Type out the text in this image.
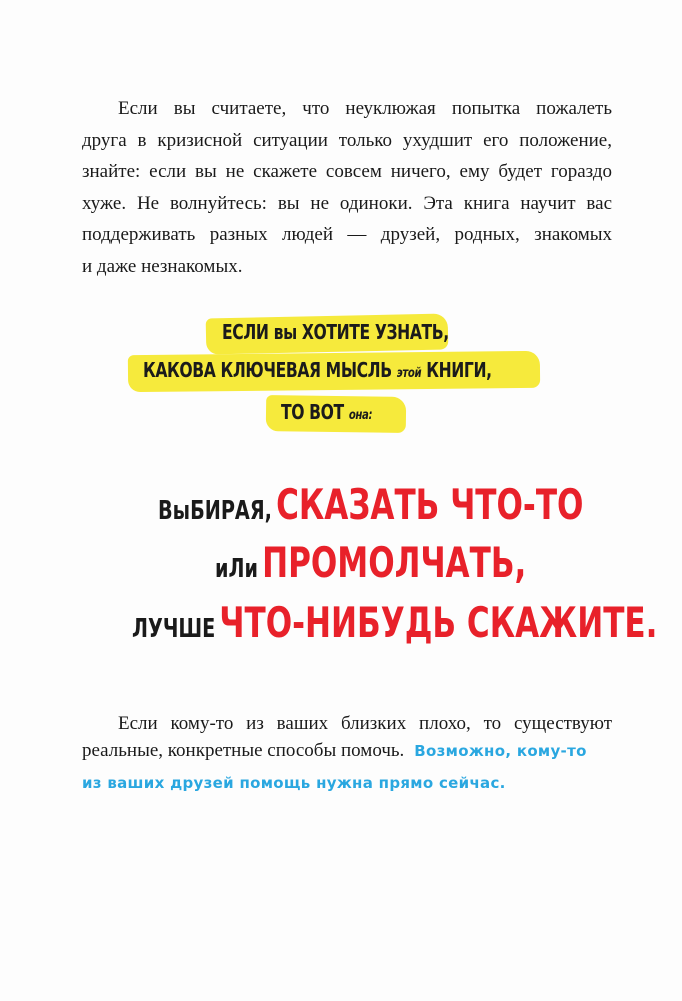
Если вы считаете, что неуклюжая попытка пожалеть
друга в кризисной ситуации только ухудшит его положение,
знайте: если вы не скажете совсем ничего, ему будет гораздо
хуже. Не волнуйтесь: вы не одиноки. Эта книга научит вас
поддерживать разных людей — друзей, родных, знакомых
и даже незнакомых.

ЕСЛИ вы ХОТИТЕ УЗНАТЬ,
КАКОВА КЛЮЧЕВАЯ МЫСЛЬ этой КНИГИ,
ТО ВОТ она:
ВыБИРАЯ, СКАЗАТЬ ЧТО-ТО
иЛи ПРОМОЛЧАТЬ,
ЛУЧШЕ ЧТО-НИБУДЬ СКАЖИТЕ.
Если кому-то из ваших близких плохо, то существуют
реальные, конкретные способы помочь. Возможно, кому-то
из ваших друзей помощь нужна прямо сейчас.
